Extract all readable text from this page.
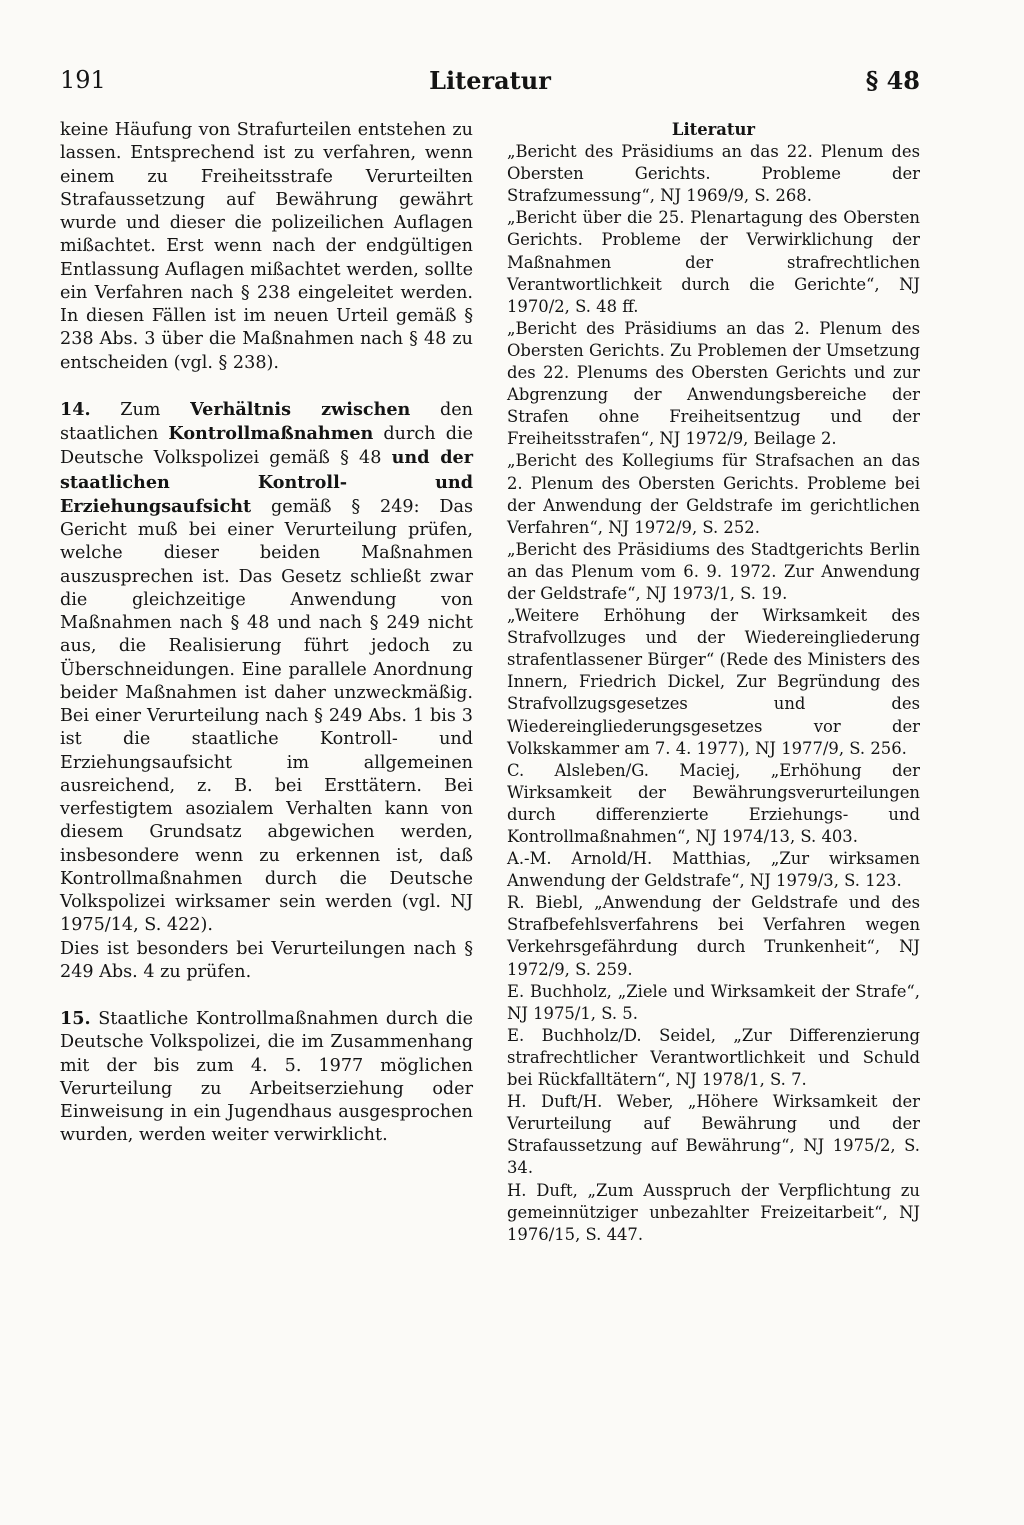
191	Literatur	§ 48

keine Häufung von Strafurteilen entstehen zu lassen. Entsprechend ist zu verfahren, wenn einem zu Freiheitsstrafe Verurteilten Strafaussetzung auf Bewährung gewährt wurde und dieser die polizeilichen Auflagen mißachtet. Erst wenn nach der endgültigen Entlassung Auflagen mißachtet werden, sollte ein Verfahren nach § 238 eingeleitet werden. In diesen Fällen ist im neuen Urteil gemäß § 238 Abs. 3 über die Maßnahmen nach § 48 zu entscheiden (vgl. § 238).

14. Zum Verhältnis zwischen den staatlichen Kontrollmaßnahmen durch die Deutsche Volkspolizei gemäß § 48 und der staatlichen Kontroll- und Erziehungsaufsicht gemäß § 249: Das Gericht muß bei einer Verurteilung prüfen, welche dieser beiden Maßnahmen auszusprechen ist. Das Gesetz schließt zwar die gleichzeitige Anwendung von Maßnahmen nach § 48 und nach § 249 nicht aus, die Realisierung führt jedoch zu Überschneidungen. Eine parallele Anordnung beider Maßnahmen ist daher unzweckmäßig. Bei einer Verurteilung nach § 249 Abs. 1 bis 3 ist die staatliche Kontroll- und Erziehungsaufsicht im allgemeinen ausreichend, z. B. bei Ersttätern. Bei verfestigtem asozialem Verhalten kann von diesem Grundsatz abgewichen werden, insbesondere wenn zu erkennen ist, daß Kontrollmaßnahmen durch die Deutsche Volkspolizei wirksamer sein werden (vgl. NJ 1975/14, S. 422).

Dies ist besonders bei Verurteilungen nach § 249 Abs. 4 zu prüfen.

15. Staatliche Kontrollmaßnahmen durch die Deutsche Volkspolizei, die im Zusammenhang mit der bis zum 4. 5. 1977 möglichen Verurteilung zu Arbeitserziehung oder Einweisung in ein Jugendhaus ausgesprochen wurden, werden weiter verwirklicht.

Literatur

„Bericht des Präsidiums an das 22. Plenum des Obersten Gerichts. Probleme der Strafzumessung“, NJ 1969/9, S. 268.

„Bericht über die 25. Plenartagung des Obersten Gerichts. Probleme der Verwirklichung der Maßnahmen der strafrechtlichen Verantwortlichkeit durch die Gerichte“, NJ 1970/2, S. 48 ff.

„Bericht des Präsidiums an das 2. Plenum des Obersten Gerichts. Zu Problemen der Umsetzung des 22. Plenums des Obersten Gerichts und zur Abgrenzung der Anwendungsbereiche der Strafen ohne Freiheitsentzug und der Freiheitsstrafen“, NJ 1972/9, Beilage 2.

„Bericht des Kollegiums für Strafsachen an das 2. Plenum des Obersten Gerichts. Probleme bei der Anwendung der Geldstrafe im gerichtlichen Verfahren“, NJ 1972/9, S. 252.

„Bericht des Präsidiums des Stadtgerichts Berlin an das Plenum vom 6. 9. 1972. Zur Anwendung der Geldstrafe“, NJ 1973/1, S. 19.

„Weitere Erhöhung der Wirksamkeit des Strafvollzuges und der Wiedereingliederung strafentlassener Bürger“ (Rede des Ministers des Innern, Friedrich Dickel, Zur Begründung des Strafvollzugsgesetzes und des Wiedereingliederungsgesetzes vor der Volkskammer am 7. 4. 1977), NJ 1977/9, S. 256.

C. Alsleben/G. Maciej, „Erhöhung der Wirksamkeit der Bewährungsverurteilungen durch differenzierte Erziehungs- und Kontrollmaßnahmen“, NJ 1974/13, S. 403.

A.-M. Arnold/H. Matthias, „Zur wirksamen Anwendung der Geldstrafe“, NJ 1979/3, S. 123.

R. Biebl, „Anwendung der Geldstrafe und des Strafbefehlsverfahrens bei Verfahren wegen Verkehrsgefährdung durch Trunkenheit“, NJ 1972/9, S. 259.

E. Buchholz, „Ziele und Wirksamkeit der Strafe“, NJ 1975/1, S. 5.

E. Buchholz/D. Seidel, „Zur Differenzierung strafrechtlicher Verantwortlichkeit und Schuld bei Rückfalltätern“, NJ 1978/1, S. 7.

H. Duft/H. Weber, „Höhere Wirksamkeit der Verurteilung auf Bewährung und der Strafaussetzung auf Bewährung“, NJ 1975/2, S. 34.

H. Duft, „Zum Ausspruch der Verpflichtung zu gemeinnütziger unbezahlter Freizeitarbeit“, NJ 1976/15, S. 447.
